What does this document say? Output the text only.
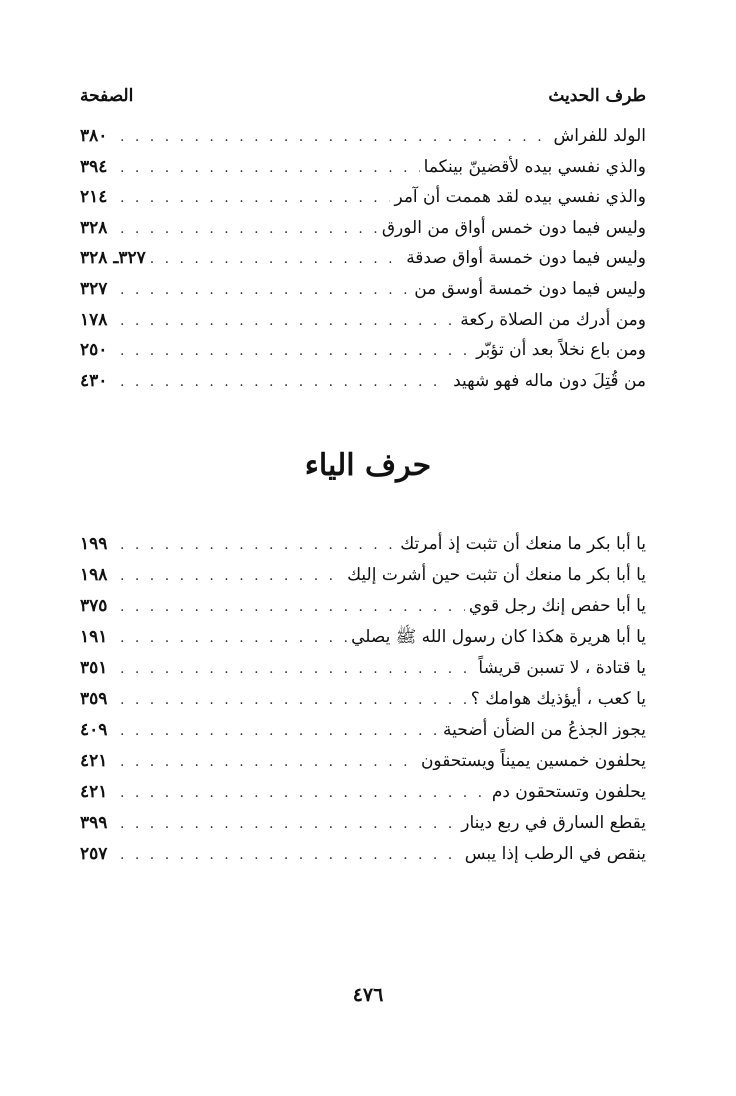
طرف الحديث
الصفحة
الولد للفراش
. . .
٣٨٠
والذي نفسي بيده لأقضينّ بينكما
. . .
٣٩٤
والذي نفسي بيده لقد هممت أن آمر
. . .
٢١٤
وليس فيما دون خمس أواق من الورق
. . .
٣٢٨
وليس فيما دون خمسة أواق صدقة
. . .
٣٢٧ـ ٣٢٨
وليس فيما دون خمسة أوسق من
. . .
٣٢٧
ومن أدرك من الصلاة ركعة
. . .
١٧٨
ومن باع نخلاً بعد أن تؤبّر
. . .
٢٥٠
من قُتِلَ دون ماله فهو شهيد
. . .
٤٣٠
حرف الياء
يا أبا بكر ما منعك أن تثبت إذ أمرتك
. . .
١٩٩
يا أبا بكر ما منعك أن تثبت حين أشرت إليك
. . .
١٩٨
يا أبا حفص إنك رجل قوي
. . .
٣٧٥
يا أبا هريرة هكذا كان رسول الله ﷺ يصلي
. . .
١٩١
يا قتادة ، لا تسبن قريشاً
. . .
٣٥١
يا كعب ، أيؤذيك هوامك ؟
. . .
٣٥٩
يجوز الجذعُ من الضأن أضحية
. . .
٤٠٩
يحلفون خمسين يميناً ويستحقون
. . .
٤٢١
يحلفون وتستحقون دم
. . .
٤٢١
يقطع السارق في ربع دينار
. . .
٣٩٩
ينقص في الرطب إذا يبس
. . .
٢٥٧
٤٧٦
